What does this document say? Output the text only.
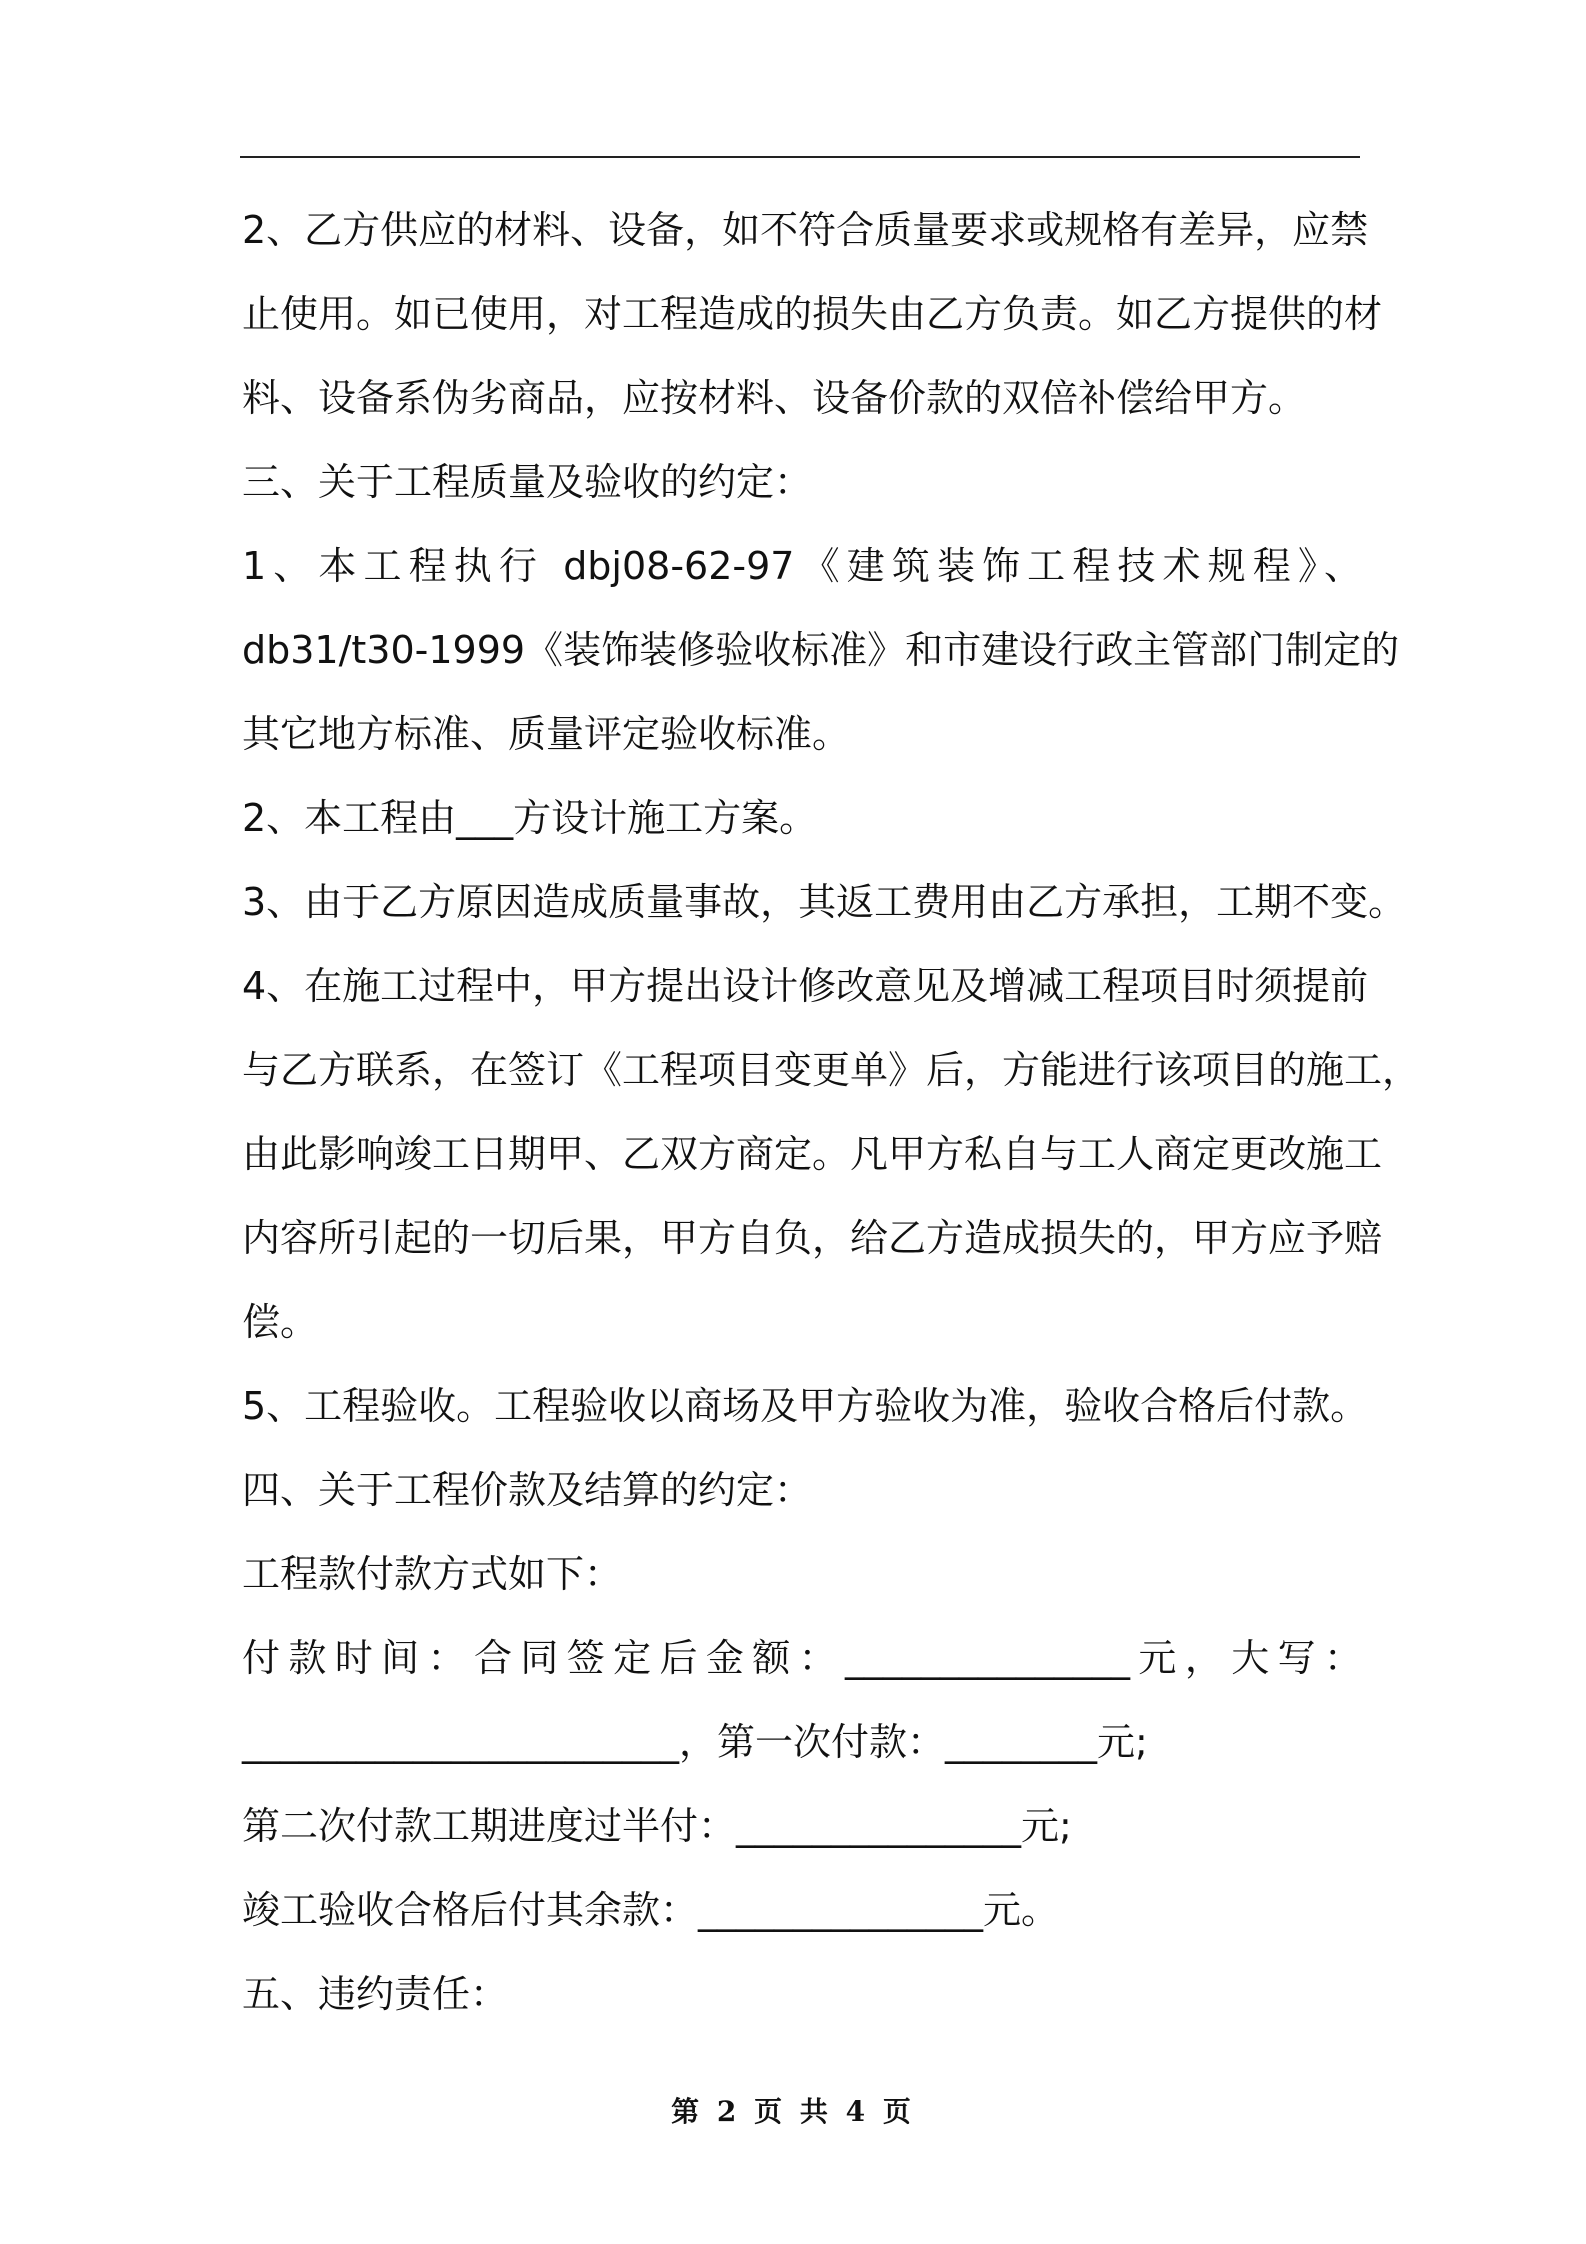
2、乙方供应的材料、设备，如不符合质量要求或规格有差异，应禁
止使用。如已使用，对工程造成的损失由乙方负责。如乙方提供的材
料、设备系伪劣商品，应按材料、设备价款的双倍补偿给甲方。
三、关于工程质量及验收的约定：
1、本工程执行 dbj08-62-97《建筑装饰工程技术规程》、
db31/t30-1999《装饰装修验收标准》和市建设行政主管部门制定的
其它地方标准、质量评定验收标准。
2、本工程由___方设计施工方案。
3、由于乙方原因造成质量事故，其返工费用由乙方承担，工期不变。
4、在施工过程中，甲方提出设计修改意见及增减工程项目时须提前
与乙方联系，在签订《工程项目变更单》后，方能进行该项目的施工，
由此影响竣工日期甲、乙双方商定。凡甲方私自与工人商定更改施工
内容所引起的一切后果，甲方自负，给乙方造成损失的，甲方应予赔
偿。
5、工程验收。工程验收以商场及甲方验收为准，验收合格后付款。
四、关于工程价款及结算的约定：
工程款付款方式如下：
付款时间：合同签定后金额：_______________元，大写：
_______________________，第一次付款：________元;
第二次付款工期进度过半付：_______________元;
竣工验收合格后付其余款：_______________元。
五、违约责任：
第 2 页 共 4 页
